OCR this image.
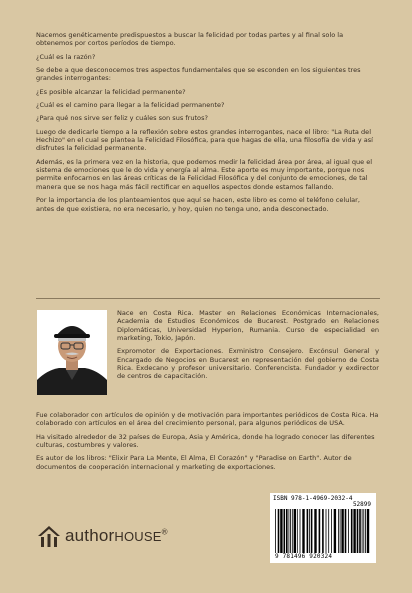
Nacemos genéticamente predispuestos a buscar la felicidad por todas partes y al final solo la obtenemos por cortos períodos de tiempo.

¿Cuál es la razón?

Se debe a que desconocemos tres aspectos fundamentales que se esconden en los siguientes tres grandes interrogantes:

¿Es posible alcanzar la felicidad permanente?

¿Cuál es el camino para llegar a la felicidad permanente?

¿Para qué nos sirve ser feliz y cuáles son sus frutos?

Luego de dedicarle tiempo a la reflexión sobre estos grandes interrogantes, nace el libro: "La Ruta del Hechizo" en el cual se plantea la Felicidad Filosófica, para que hagas de ella, una filosofía de vida y así disfrutes la felicidad permanente.

Además, es la primera vez en la historia, que podemos medir la felicidad área por área, al igual que el sistema de emociones que le do vida y energía al alma. Este aporte es muy importante, porque nos permite enfocarnos en las áreas críticas de la Felicidad Filosófica y del conjunto de emociones, de tal manera que se nos haga más fácil rectificar en aquellos aspectos donde estamos fallando.

Por la importancia de los planteamientos que aquí se hacen, este libro es como el teléfono celular, antes de que existiera, no era necesario, y hoy, quien no tenga uno, anda desconectado.

Nace en Costa Rica. Master en Relaciones Económicas Internacionales, Academia de Estudios Económicos de Bucarest. Postgrado en Relaciones Diplomáticas, Universidad Hyperion, Rumania. Curso de especialidad en marketing, Tokio, Japón.

Expromotor de Exportaciones. Exministro Consejero. Excónsul General y Encargado de Negocios en Bucarest en representación del gobierno de Costa Rica. Exdecano y profesor universitario. Conferencista. Fundador y exdirector de centros de capacitación.

Fue colaborador con artículos de opinión y de motivación para importantes periódicos de Costa Rica. Ha colaborado con artículos en el área del crecimiento personal, para algunos periódicos de USA.

Ha visitado alrededor de 32 países de Europa, Asia y América, donde ha logrado conocer las diferentes culturas, costumbres y valores.

Es autor de los libros: "Elixir Para La Mente, El Alma, El Corazón" y "Paradise on Earth". Autor de documentos de cooperación internacional y marketing de exportaciones.

authorHOUSE®
ISBN 978-1-4969-2032-4
52899
9 781496 920324
